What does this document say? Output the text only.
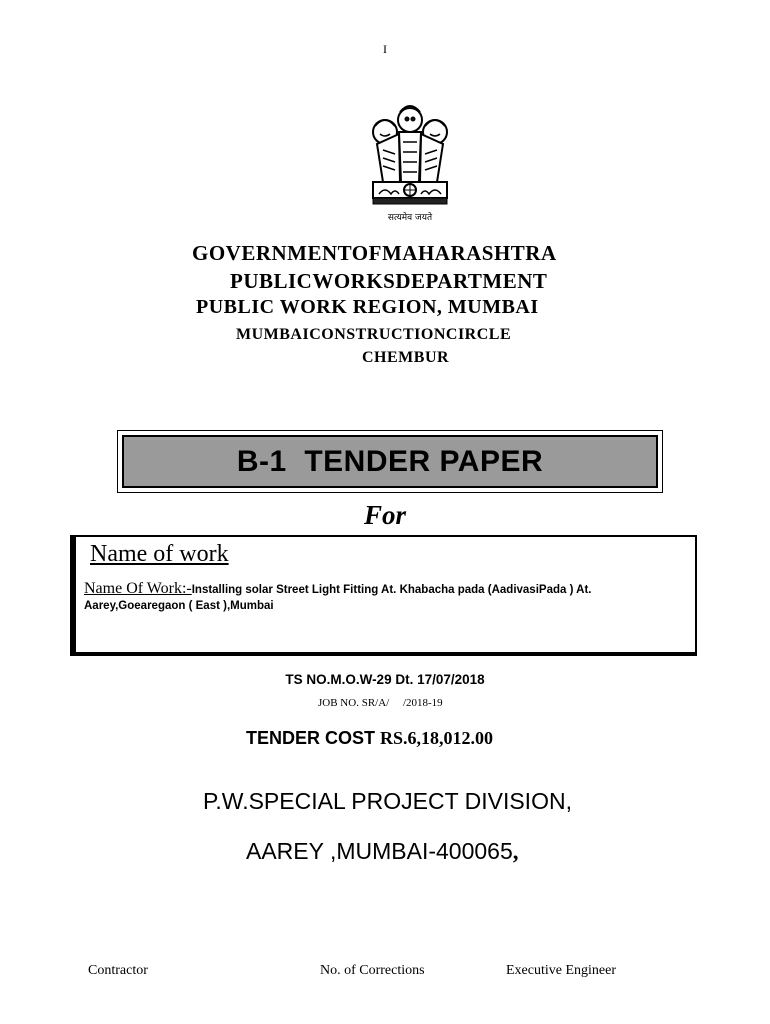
I
सत्यमेव जयते
GOVERNMENTOFMAHARASHTRA
PUBLICWORKSDEPARTMENT
PUBLIC WORK REGION, MUMBAI
MUMBAICONSTRUCTIONCIRCLE
CHEMBUR
B-1  TENDER PAPER
For
Name of work
Name Of Work:-Installing solar Street Light Fitting At. Khabacha pada (AadivasiPada ) At. Aarey,Goearegaon ( East ),Mumbai
TS NO.M.O.W-29 Dt. 17/07/2018
JOB NO. SR/A/     /2018-19
TENDER COST RS.6,18,012.00
P.W.SPECIAL PROJECT DIVISION,
AAREY ,MUMBAI-400065,
Contractor	No. of Corrections	Executive Engineer
